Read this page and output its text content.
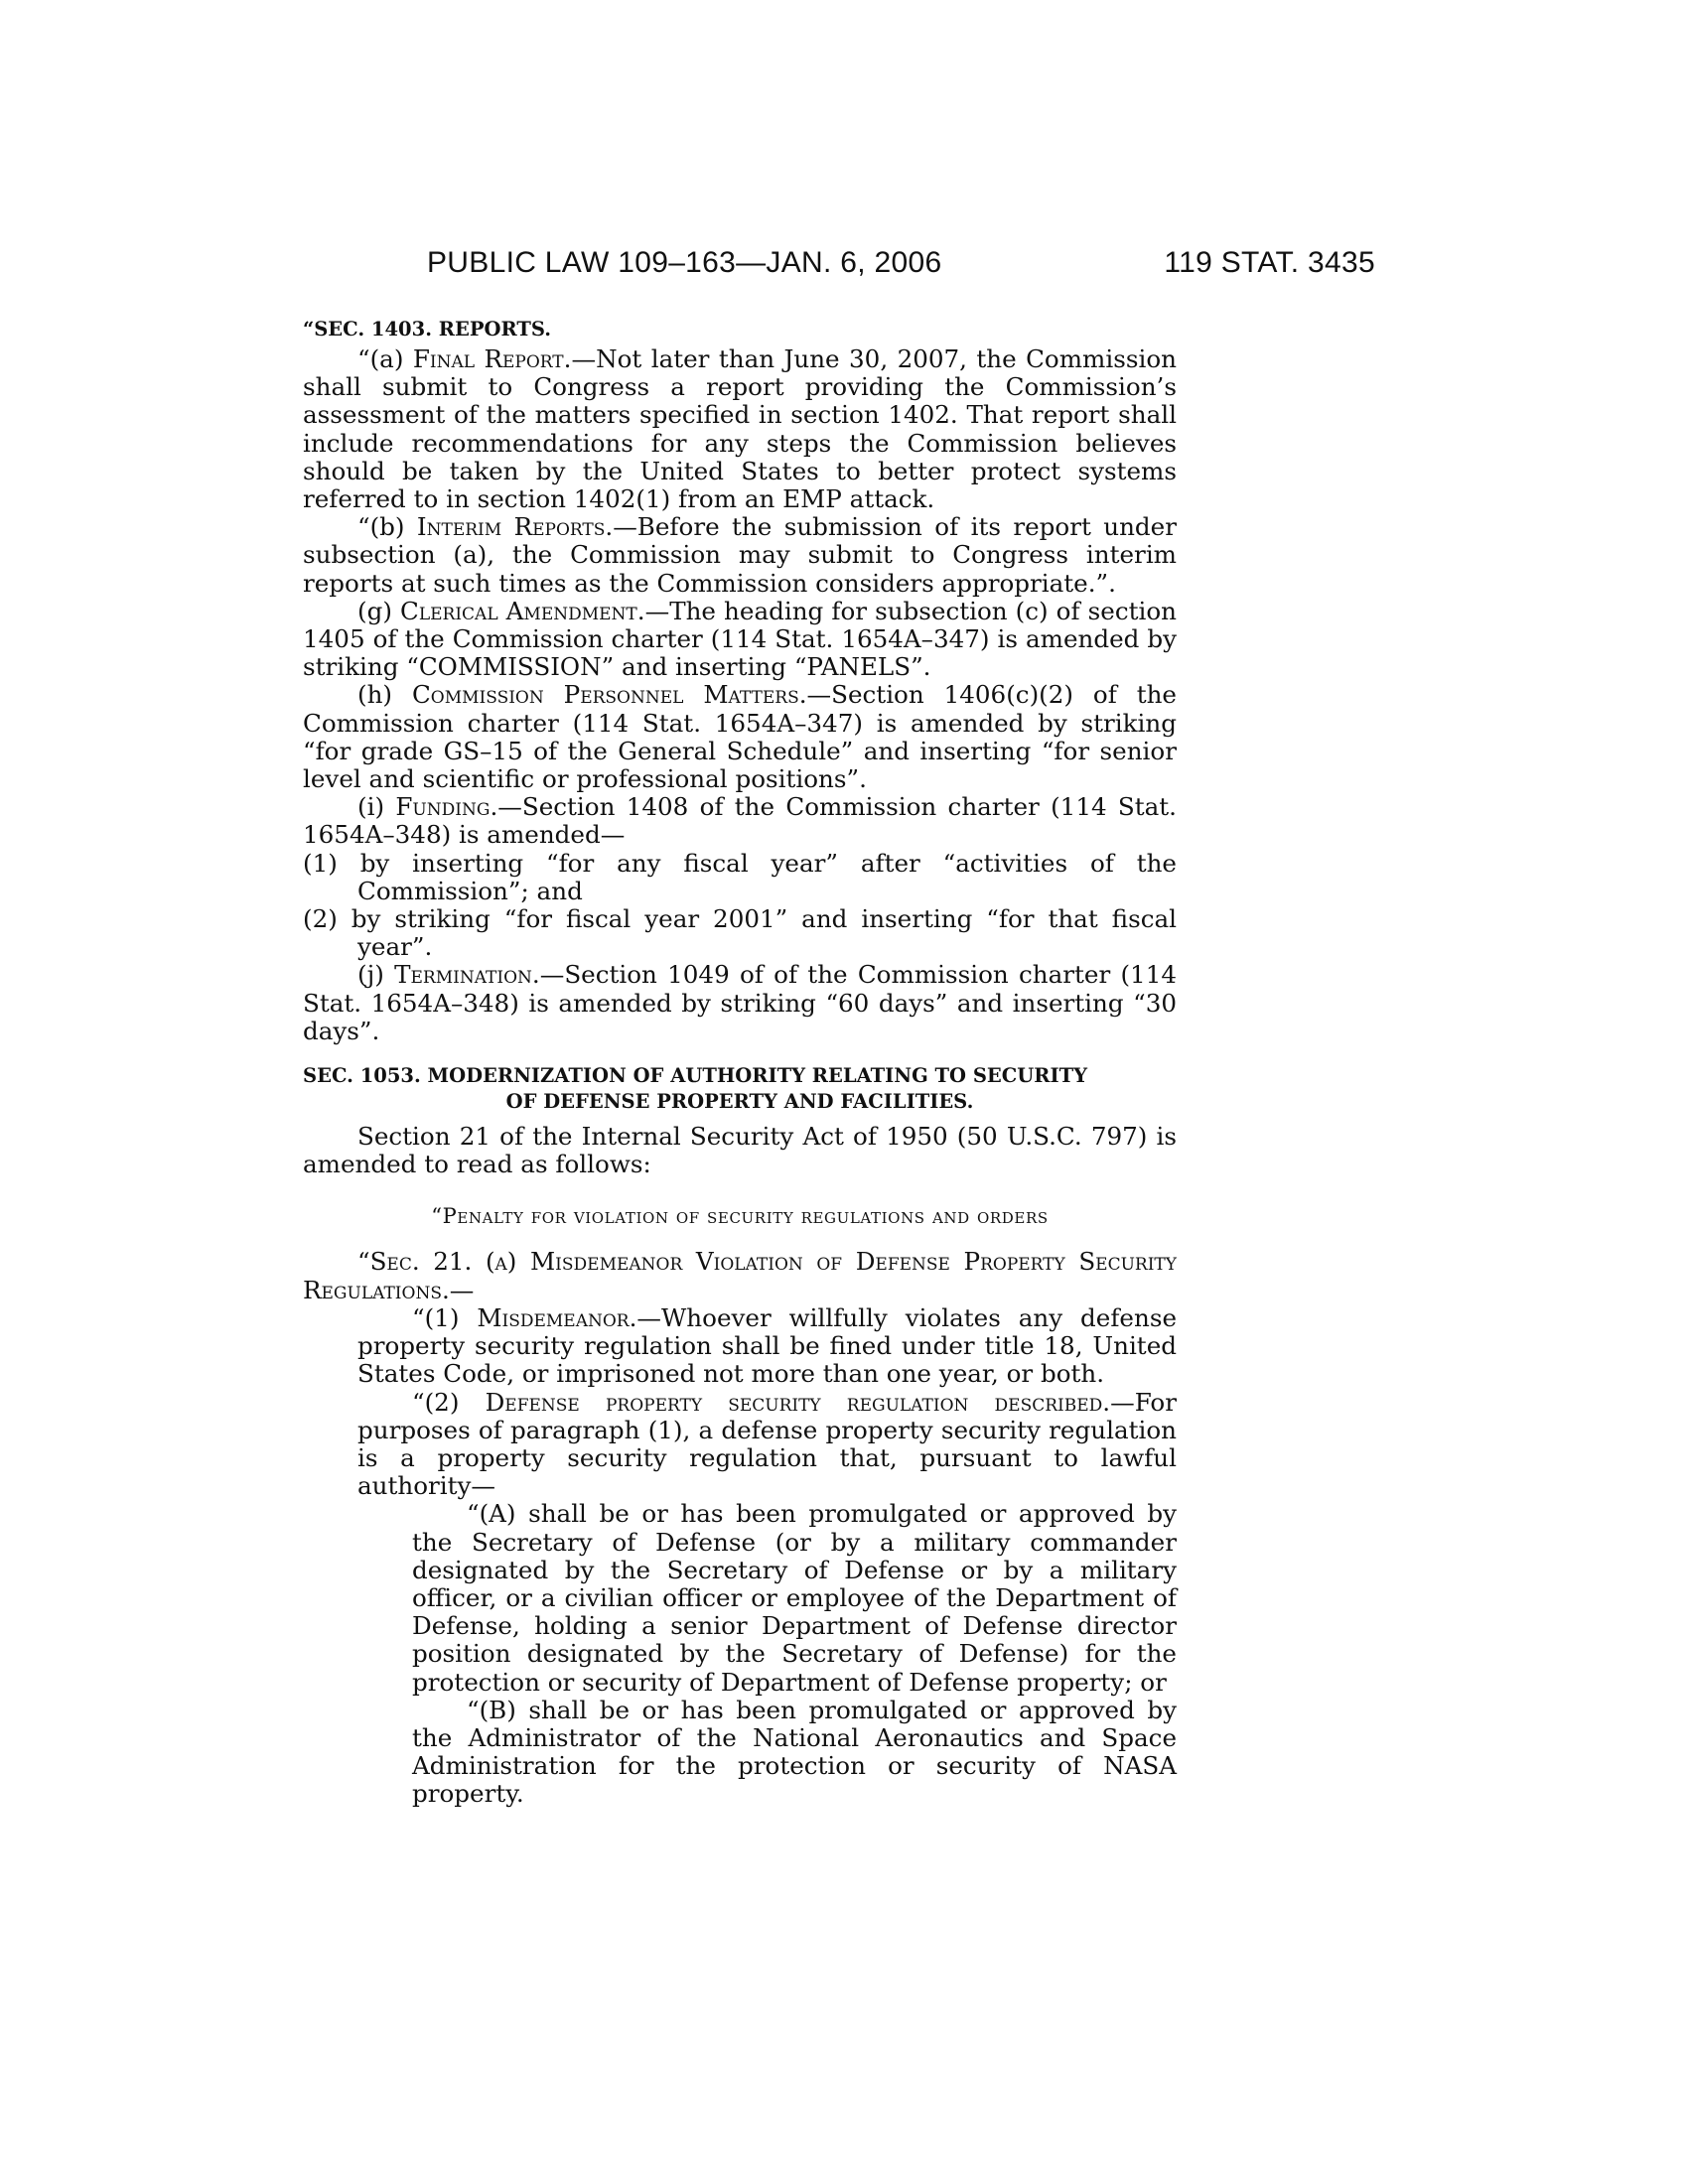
PUBLIC LAW 109–163—JAN. 6, 2006	119 STAT. 3435

“SEC. 1403. REPORTS.

“(a) Final Report.—Not later than June 30, 2007, the Commission shall submit to Congress a report providing the Commission’s assessment of the matters specified in section 1402. That report shall include recommendations for any steps the Commission believes should be taken by the United States to better protect systems referred to in section 1402(1) from an EMP attack.

“(b) Interim Reports.—Before the submission of its report under subsection (a), the Commission may submit to Congress interim reports at such times as the Commission considers appropriate.”.

(g) Clerical Amendment.—The heading for subsection (c) of section 1405 of the Commission charter (114 Stat. 1654A–347) is amended by striking “COMMISSION” and inserting “PANELS”.

(h) Commission Personnel Matters.—Section 1406(c)(2) of the Commission charter (114 Stat. 1654A–347) is amended by striking “for grade GS–15 of the General Schedule” and inserting “for senior level and scientific or professional positions”.

(i) Funding.—Section 1408 of the Commission charter (114 Stat. 1654A–348) is amended—

(1) by inserting “for any fiscal year” after “activities of the Commission”; and

(2) by striking “for fiscal year 2001” and inserting “for that fiscal year”.

(j) Termination.—Section 1049 of of the Commission charter (114 Stat. 1654A–348) is amended by striking “60 days” and inserting “30 days”.

SEC. 1053. MODERNIZATION OF AUTHORITY RELATING TO SECURITY
OF DEFENSE PROPERTY AND FACILITIES.

Section 21 of the Internal Security Act of 1950 (50 U.S.C. 797) is amended to read as follows:

“Penalty for violation of security regulations and orders

“Sec. 21. (a) Misdemeanor Violation of Defense Property Security Regulations.—

“(1) Misdemeanor.—Whoever willfully violates any defense property security regulation shall be fined under title 18, United States Code, or imprisoned not more than one year, or both.

“(2) Defense property security regulation described.—For purposes of paragraph (1), a defense property security regulation is a property security regulation that, pursuant to lawful authority—

“(A) shall be or has been promulgated or approved by the Secretary of Defense (or by a military commander designated by the Secretary of Defense or by a military officer, or a civilian officer or employee of the Department of Defense, holding a senior Department of Defense director position designated by the Secretary of Defense) for the protection or security of Department of Defense property; or

“(B) shall be or has been promulgated or approved by the Administrator of the National Aeronautics and Space Administration for the protection or security of NASA property.
